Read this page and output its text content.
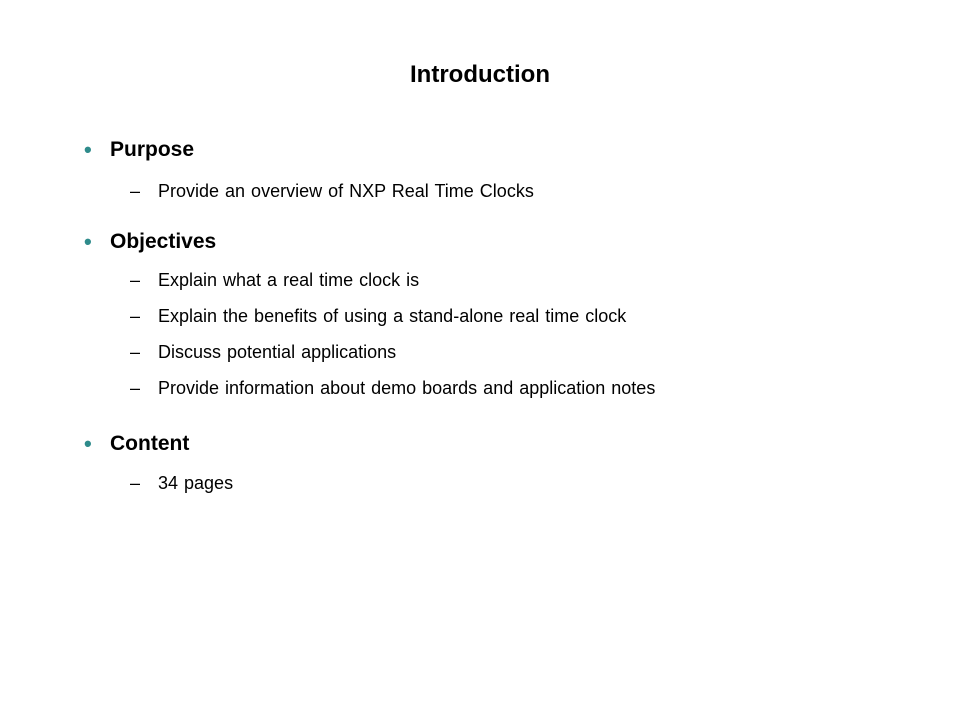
Introduction
• Purpose
– Provide an overview of NXP Real Time Clocks
• Objectives
– Explain what a real time clock is
– Explain the benefits of using a stand-alone real time clock
– Discuss potential applications
– Provide information about demo boards and application notes
• Content
– 34 pages
